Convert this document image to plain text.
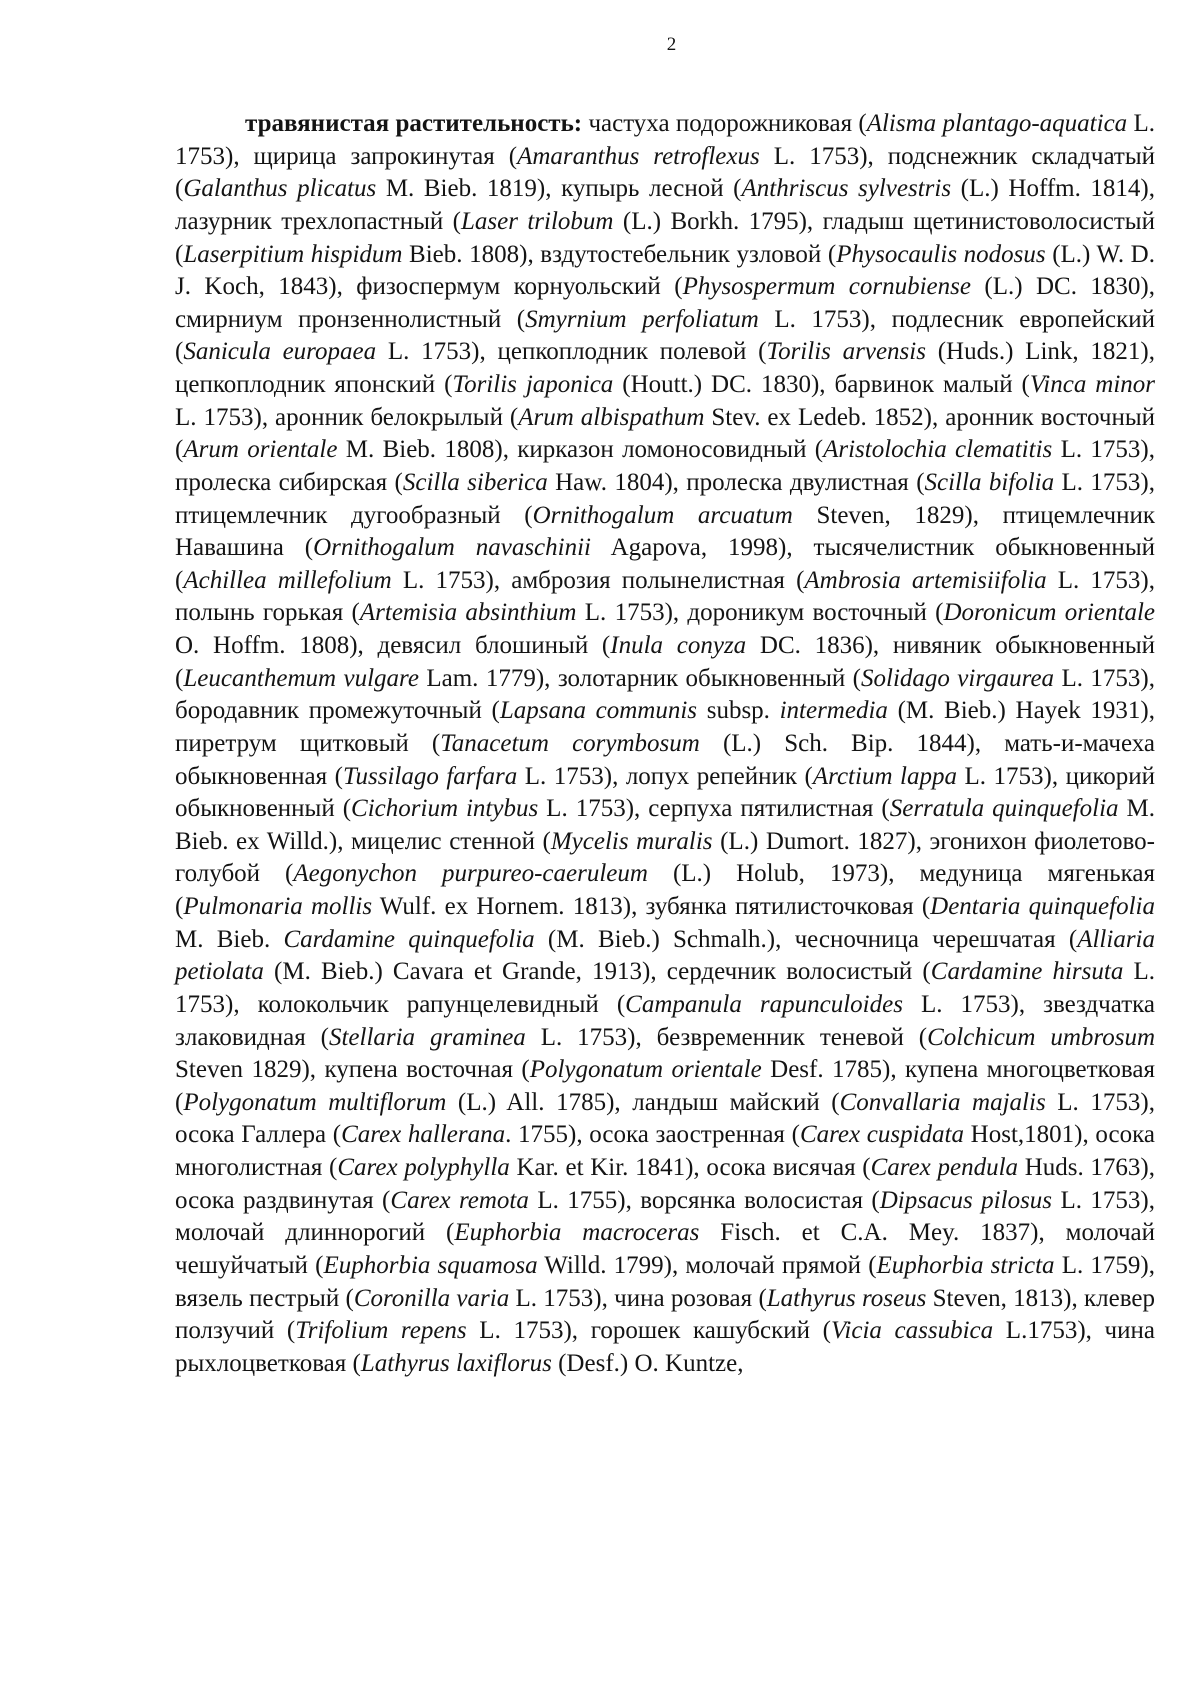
2

травянистая растительность: частуха подорожниковая (Alisma plantago-aquatica L. 1753), щирица запрокинутая (Amaranthus retroflexus L. 1753), подснежник складчатый (Galanthus plicatus M. Bieb. 1819), купырь лесной (Anthriscus sylvestris (L.) Hoffm. 1814), лазурник трехлопастный (Laser trilobum (L.) Borkh. 1795), гладыш щетинистоволосистый (Laserpitium hispidum Bieb. 1808), вздутостебельник узловой (Physocaulis nodosus (L.) W. D. J. Koch, 1843), физоспермум корнуольский (Physospermum cornubiense (L.) DC. 1830), смирниум пронзеннолистный (Smyrnium perfoliatum L. 1753), подлесник европейский (Sanicula europaea L. 1753), цепкоплодник полевой (Torilis arvensis (Huds.) Link, 1821), цепкоплодник японский (Torilis japonica (Houtt.) DC. 1830), барвинок малый (Vinca minor L. 1753), аронник белокрылый (Arum albispathum Stev. ex Ledeb. 1852), аронник восточный (Arum orientale M. Bieb. 1808), кирказон ломоносовидный (Aristolochia clematitis L. 1753), пролеска сибирская (Scilla siberica Haw. 1804), пролеска двулистная (Scilla bifolia L. 1753), птицемлечник дугообразный (Ornithogalum arcuatum Steven, 1829), птицемлечник Навашина (Ornithogalum navaschinii Agapova, 1998), тысячелистник обыкновенный (Achillea millefolium L. 1753), амброзия полынелистная (Ambrosia artemisiifolia L. 1753), полынь горькая (Artemisia absinthium L. 1753), дороникум восточный (Doronicum orientale O. Hoffm. 1808), девясил блошиный (Inula conyza DC. 1836), нивяник обыкновенный (Leucanthemum vulgare Lam. 1779), золотарник обыкновенный (Solidago virgaurea L. 1753), бородавник промежуточный (Lapsana communis subsp. intermedia (M. Bieb.) Hayek 1931), пиретрум щитковый (Tanacetum corymbosum (L.) Sch. Bip. 1844), мать-и-мачеха обыкновенная (Tussilago farfara L. 1753), лопух репейник (Arctium lappa L. 1753), цикорий обыкновенный (Cichorium intybus L. 1753), серпуха пятилистная (Serratula quinquefolia M. Bieb. ex Willd.), мицелис стенной (Mycelis muralis (L.) Dumort. 1827), эгонихон фиолетово-голубой (Aegonychon purpureo-caeruleum (L.) Holub, 1973), медуница мягенькая (Pulmonaria mollis Wulf. ex Hornem. 1813), зубянка пятилисточковая (Dentaria quinquefolia M. Bieb. Cardamine quinquefolia (M. Bieb.) Schmalh.), чесночница черешчатая (Alliaria petiolata (M. Bieb.) Cavara et Grande, 1913), сердечник волосистый (Cardamine hirsuta L. 1753), колокольчик рапунцелевидный (Campanula rapunculoides L. 1753), звездчатка злаковидная (Stellaria graminea L. 1753), безвременник теневой (Colchicum umbrosum Steven 1829), купена восточная (Polygonatum orientale Desf. 1785), купена многоцветковая (Polygonatum multiflorum (L.) All. 1785), ландыш майский (Convallaria majalis L. 1753), осока Галлера (Carex hallerana. 1755), осока заостренная (Carex cuspidata Host,1801), осока многолистная (Carex polyphylla Kar. et Kir. 1841), осока висячая (Carex pendula Huds. 1763), осока раздвинутая (Carex remota L. 1755), ворсянка волосистая (Dipsacus pilosus L. 1753), молочай длиннорогий (Euphorbia macroceras Fisch. et C.A. Mey. 1837), молочай чешуйчатый (Euphorbia squamosa Willd. 1799), молочай прямой (Euphorbia stricta L. 1759), вязель пестрый (Coronilla varia L. 1753), чина розовая (Lathyrus roseus Steven, 1813), клевер ползучий (Trifolium repens L. 1753), горошек кашубский (Vicia cassubica L.1753), чина рыхлоцветковая (Lathyrus laxiflorus (Desf.) O. Kuntze,
